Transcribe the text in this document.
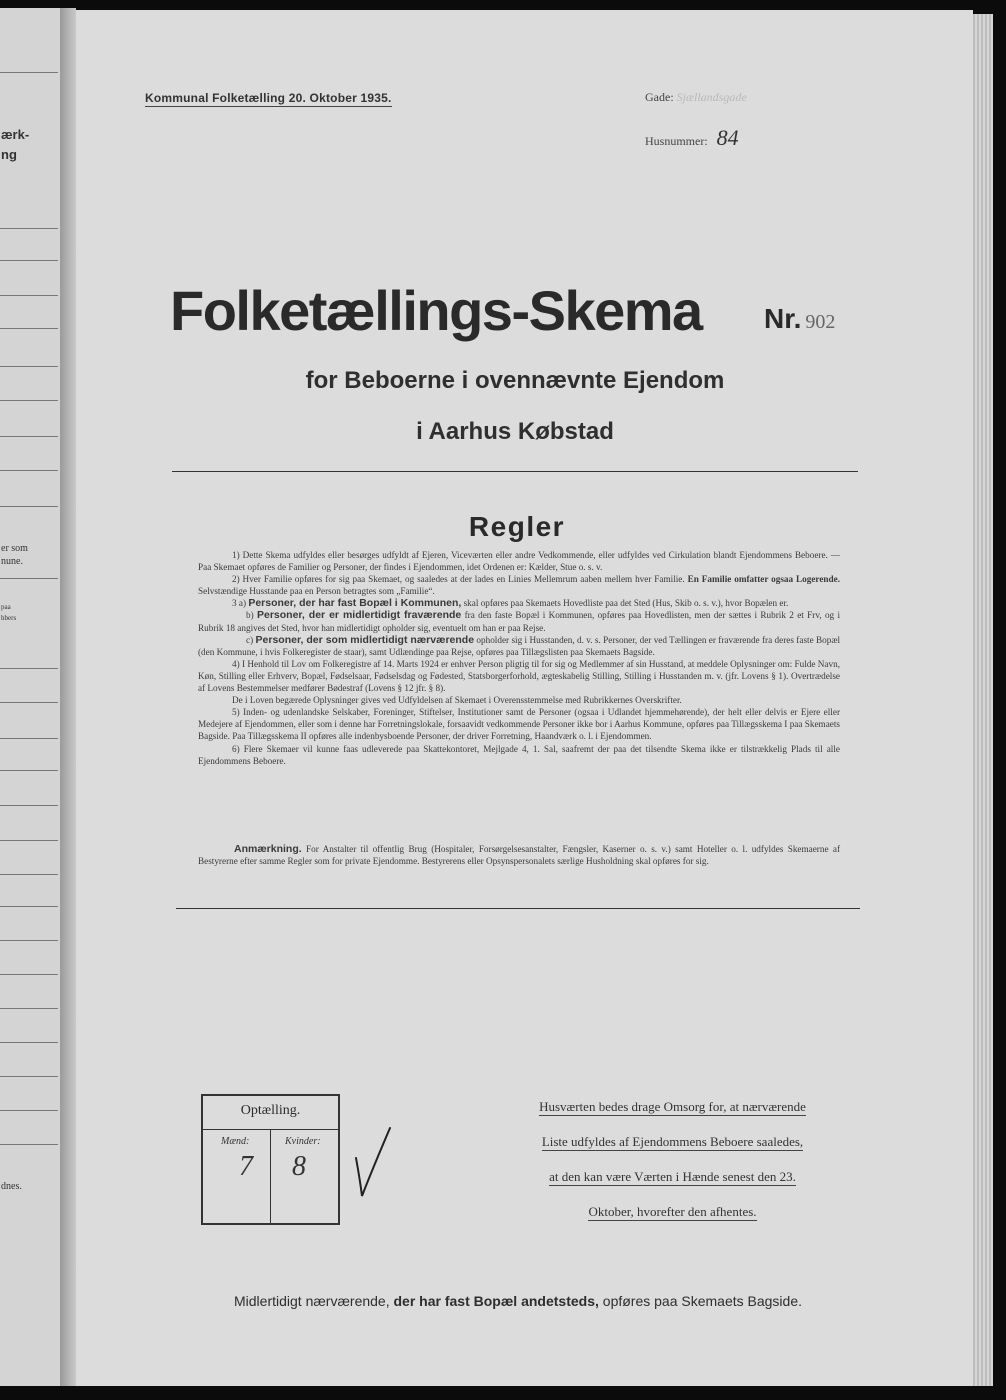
ærk-
ng
er som
nune.
paa
hbers
dnes.
Kommunal Folketælling 20. Oktober 1935.	Gade: Sjællandsgade
Husnummer: 84
Folketællings-Skema Nr. 902
for Beboerne i ovennævnte Ejendom
i Aarhus Købstad
Regler

1) Dette Skema udfyldes eller besørges udfyldt af Ejeren, Viceværten eller andre Vedkommende, eller udfyldes ved Cirkulation blandt Ejendommens Beboere. — Paa Skemaet opføres de Familier og Personer, der findes i Ejendommen, idet Ordenen er: Kælder, Stue o. s. v.

2) Hver Familie opføres for sig paa Skemaet, og saaledes at der lades en Linies Mellemrum aaben mellem hver Familie. En Familie omfatter ogsaa Logerende. Selvstændige Husstande paa en Person betragtes som „Familie“.

3 a) Personer, der har fast Bopæl i Kommunen, skal opføres paa Skemaets Hovedliste paa det Sted (Hus, Skib o. s. v.), hvor Bopælen er.

b) Personer, der er midlertidigt fraværende fra den faste Bopæl i Kommunen, opføres paa Hovedlisten, men der sættes i Rubrik 2 et Frv, og i Rubrik 18 angives det Sted, hvor han midlertidigt opholder sig, eventuelt om han er paa Rejse.

c) Personer, der som midlertidigt nærværende opholder sig i Husstanden, d. v. s. Personer, der ved Tællingen er fraværende fra deres faste Bopæl (den Kommune, i hvis Folkeregister de staar), samt Udlændinge paa Rejse, opføres paa Tillægslisten paa Skemaets Bagside.

4) I Henhold til Lov om Folkeregistre af 14. Marts 1924 er enhver Person pligtig til for sig og Medlemmer af sin Husstand, at meddele Oplysninger om: Fulde Navn, Køn, Stilling eller Erhverv, Bopæl, Fødselsaar, Fødselsdag og Fødested, Statsborgerforhold, ægteskabelig Stilling, Stilling i Husstanden m. v. (jfr. Lovens § 1). Overtrædelse af Lovens Bestemmelser medfører Bødestraf (Lovens § 12 jfr. § 8).

De i Loven begærede Oplysninger gives ved Udfyldelsen af Skemaet i Overensstemmelse med Rubrikkernes Overskrifter.

5) Inden- og udenlandske Selskaber, Foreninger, Stiftelser, Institutioner samt de Personer (ogsaa i Udlandet hjemmehørende), der helt eller delvis er Ejere eller Medejere af Ejendommen, eller som i denne har Forretningslokale, forsaavidt vedkommende Personer ikke bor i Aarhus Kommune, opføres paa Tillægsskema I paa Skemaets Bagside. Paa Tillægsskema II opføres alle indenbysboende Personer, der driver Forretning, Haandværk o. l. i Ejendommen.

6) Flere Skemaer vil kunne faas udleverede paa Skattekontoret, Mejlgade 4, 1. Sal, saafremt der paa det tilsendte Skema ikke er tilstrækkelig Plads til alle Ejendommens Beboere.

Anmærkning. For Anstalter til offentlig Brug (Hospitaler, Forsørgelsesanstalter, Fængsler, Kaserner o. s. v.) samt Hoteller o. l. udfyldes Skemaerne af Bestyrerne efter samme Regler som for private Ejendomme. Bestyrerens eller Opsynspersonalets særlige Husholdning skal opføres for sig.

Optælling.
Mænd:	Kvinder:
7 8
Husværten bedes drage Omsorg for, at nærværende
Liste udfyldes af Ejendommens Beboere saaledes,
at den kan være Værten i Hænde senest den 23.
Oktober, hvorefter den afhentes.
Midlertidigt nærværende, der har fast Bopæl andetsteds, opføres paa Skemaets Bagside.
